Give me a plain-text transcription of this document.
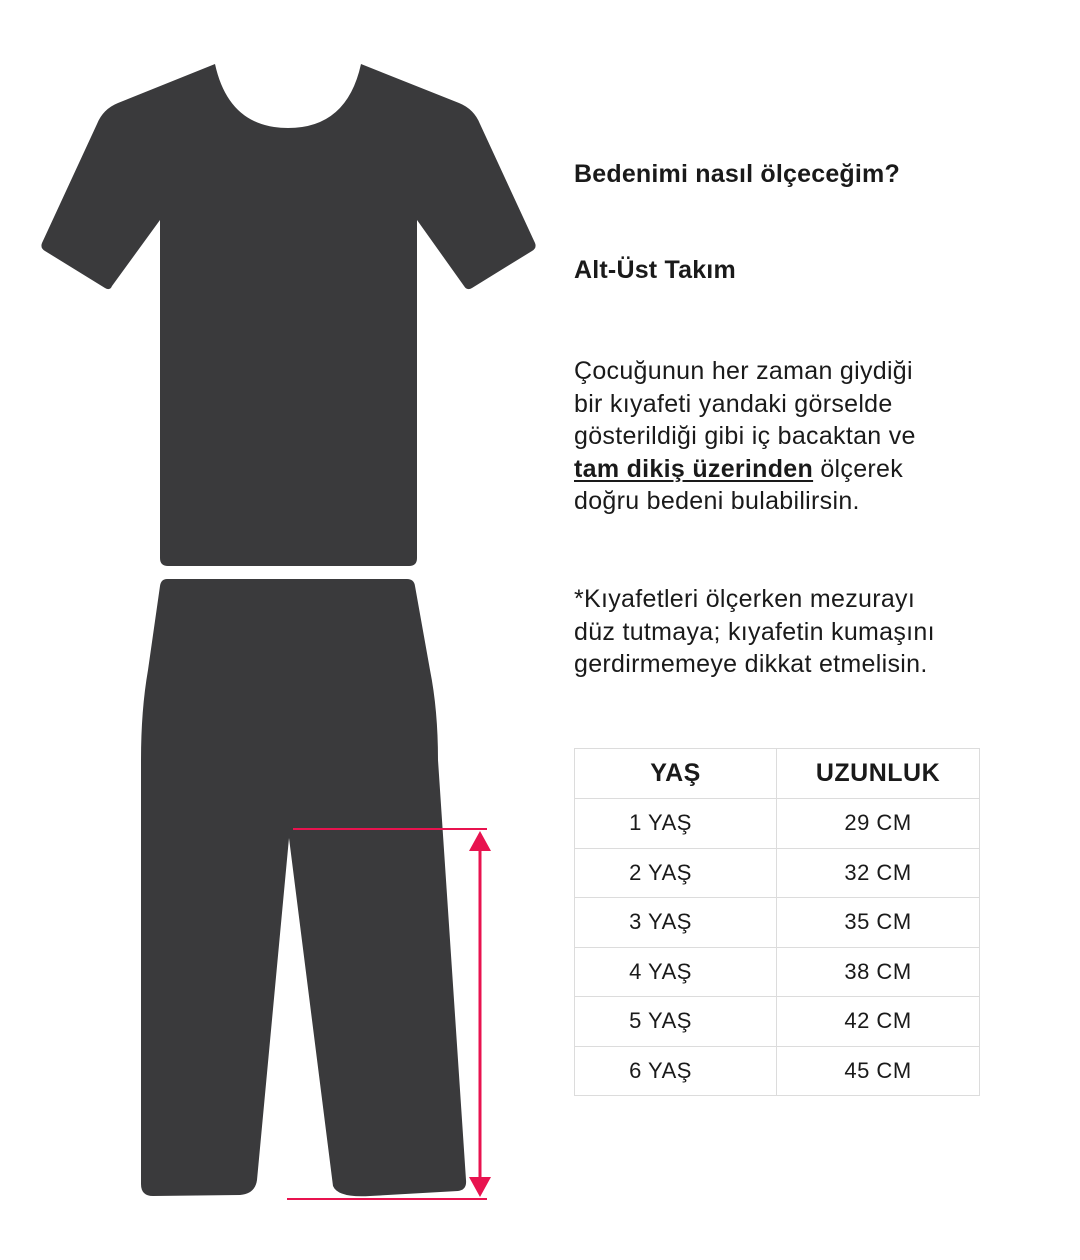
Bedenimi nasıl ölçeceğim?
Alt-Üst Takım
Çocuğunun her zaman giydiği
bir kıyafeti yandaki görselde
gösterildiği gibi iç bacaktan ve
tam dikiş üzerinden ölçerek
doğru bedeni bulabilirsin.
*Kıyafetleri ölçerken mezurayı
düz tutmaya; kıyafetin kumaşını
gerdirmemeye dikkat etmelisin.
YAŞ	UZUNLUK
1 YAŞ	29 CM
2 YAŞ	32 CM
3 YAŞ	35 CM
4 YAŞ	38 CM
5 YAŞ	42 CM
6 YAŞ	45 CM
